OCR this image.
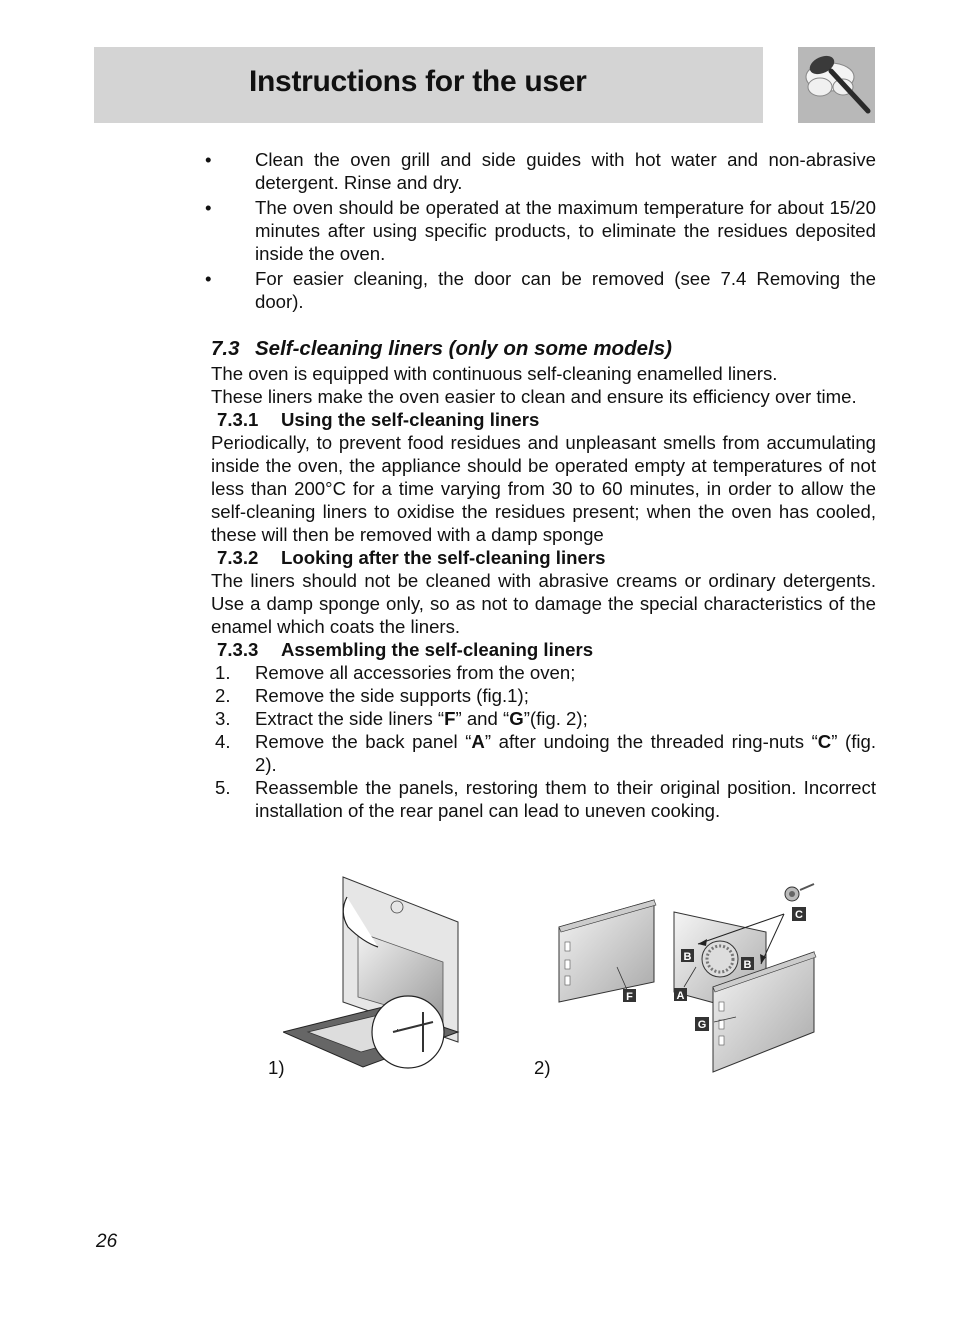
Instructions for the user
•	Clean the oven grill and side guides with hot water and non-abrasive detergent. Rinse and dry.
•	The oven should be operated at the maximum temperature for about 15/20 minutes after using specific products, to eliminate the residues deposited inside the oven.
•	For easier cleaning, the door can be removed (see 7.4 Removing the door).
7.3 Self-cleaning liners (only on some models)

The oven is equipped with continuous self-cleaning enamelled liners.

These liners make the oven easier to clean and ensure its efficiency over time.

7.3.1 Using the self-cleaning liners

Periodically, to prevent food residues and unpleasant smells from accumulating inside the oven, the appliance should be operated empty at temperatures of not less than 200°C for a time varying from 30 to 60 minutes, in order to allow the self-cleaning liners to oxidise the residues present; when the oven has cooled, these will then be removed with a damp sponge

7.3.2 Looking after the self-cleaning liners

The liners should not be cleaned with abrasive creams or ordinary detergents. Use a damp sponge only, so as not to damage the special characteristics of the enamel which coats the liners.

7.3.3 Assembling the self-cleaning liners
1.	Remove all accessories from the oven;
2.	Remove the side supports (fig.1);
3.	Extract the side liners “F” and “G”(fig. 2);
4.	Remove the back panel “A” after undoing the threaded ring-nuts “C” (fig. 2).
5.	Reassemble the panels, restoring them to their original position. Incorrect installation of the rear panel can lead to uneven cooking.
·
1)
F	A
B
B
C
G
2)
26
